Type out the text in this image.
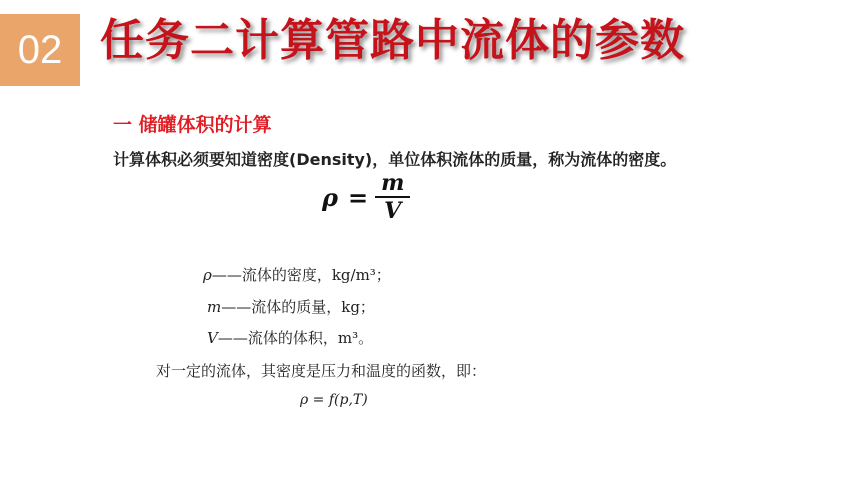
02 任务二计算管路中流体的参数
一 储罐体积的计算
计算体积必须要知道密度(Density)，单位体积流体的质量，称为流体的密度。
$\rho = \frac{m}{V}$
ρ——流体的密度，kg/m³；
m——流体的质量，kg；
V——流体的体积，m³。
对一定的流体，其密度是压力和温度的函数，即：
ρ = f(p,T)
